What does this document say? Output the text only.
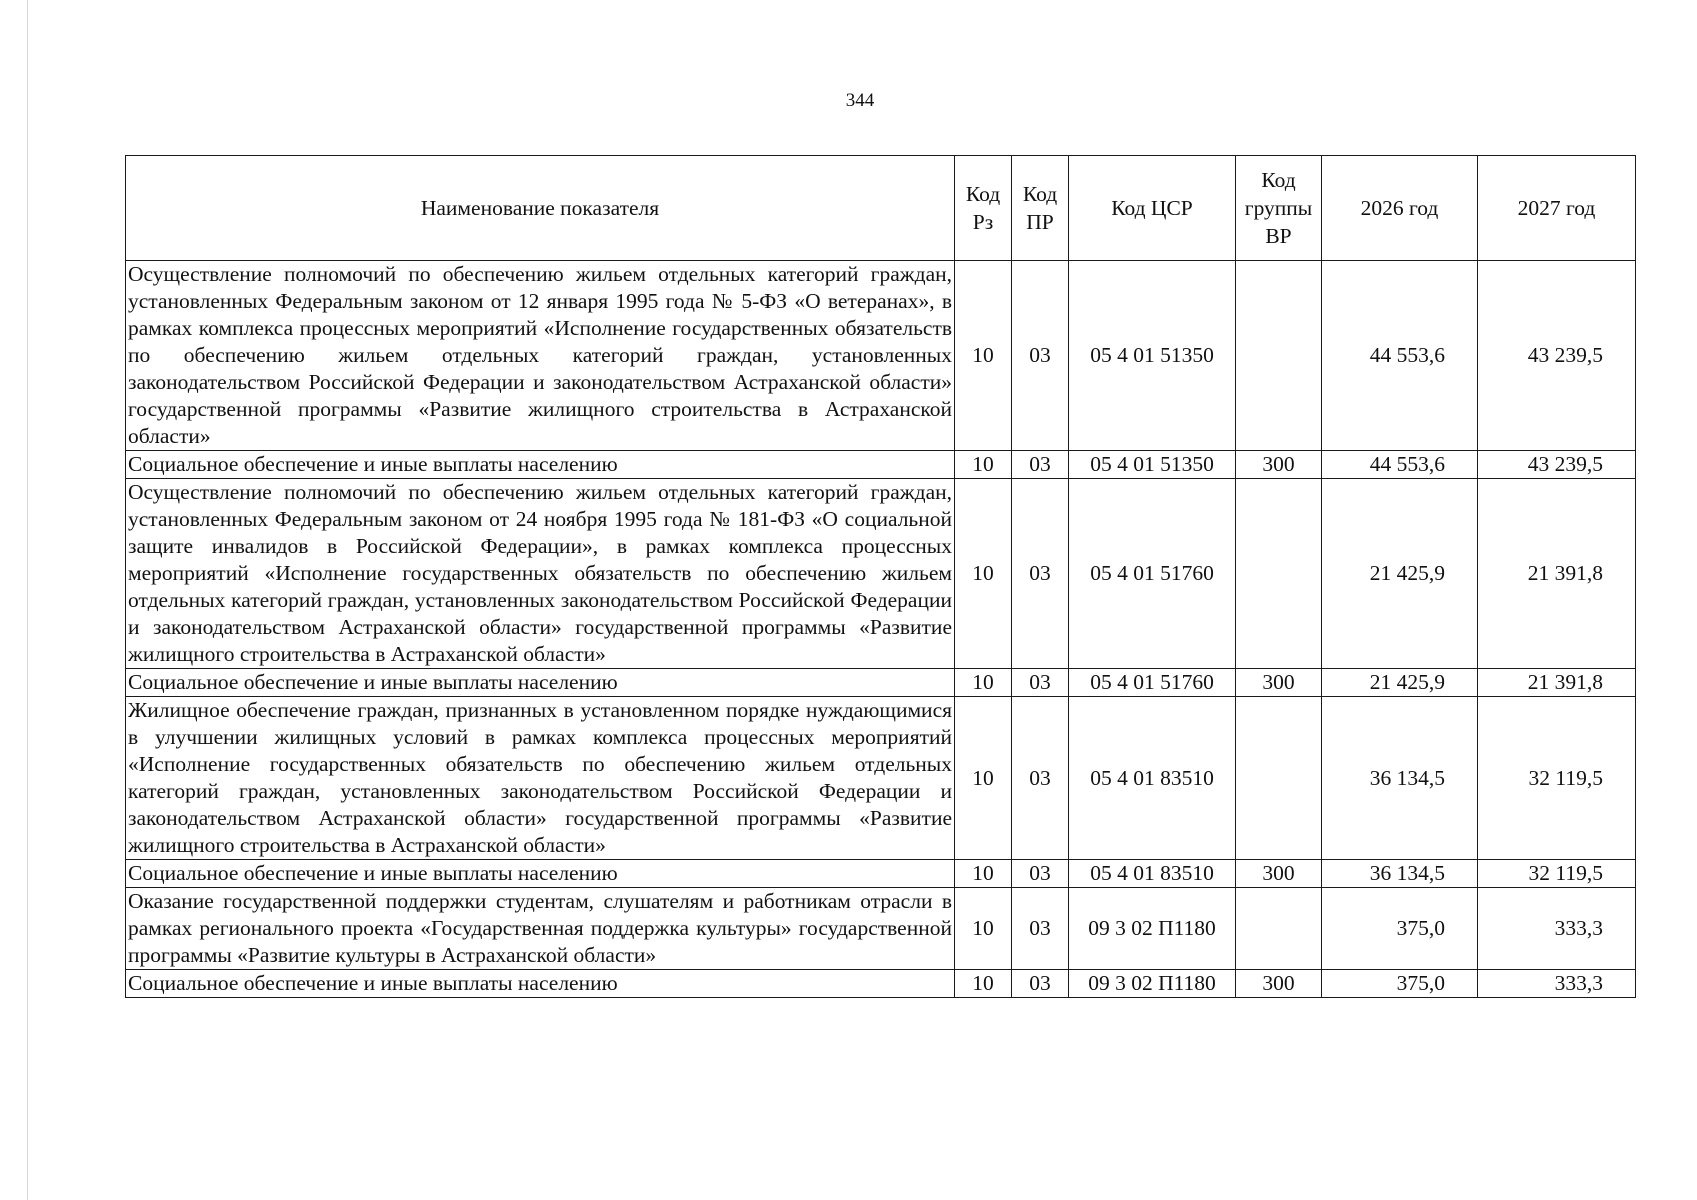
344
Наименование показателя	Код Рз	Код ПР	Код ЦСР	Код группы ВР	2026 год	2027 год
Осуществление полномочий по обеспечению жильем отдельных категорий граждан, установленных Федеральным законом от 12 января 1995 года № 5-ФЗ «О ветеранах», в рамках комплекса процессных мероприятий «Исполнение государственных обязательств по обеспечению жильем отдельных категорий граждан, установленных законодательством Российской Федерации и законодательством Астраханской области» государственной программы «Развитие жилищного строительства в Астраханской области»	10	03	05 4 01 51350		44 553,6	43 239,5
Социальное обеспечение и иные выплаты населению	10	03	05 4 01 51350	300	44 553,6	43 239,5
Осуществление полномочий по обеспечению жильем отдельных категорий граждан, установленных Федеральным законом от 24 ноября 1995 года № 181-ФЗ «О социальной защите инвалидов в Российской Федерации», в рамках комплекса процессных мероприятий «Исполнение государственных обязательств по обеспечению жильем отдельных категорий граждан, установленных законодательством Российской Федерации и законодательством Астраханской области» государственной программы «Развитие жилищного строительства в Астраханской области»	10	03	05 4 01 51760		21 425,9	21 391,8
Социальное обеспечение и иные выплаты населению	10	03	05 4 01 51760	300	21 425,9	21 391,8
Жилищное обеспечение граждан, признанных в установленном порядке нуждающимися в улучшении жилищных условий в рамках комплекса процессных мероприятий «Исполнение государственных обязательств по обеспечению жильем отдельных категорий граждан, установленных законодательством Российской Федерации и законодательством Астраханской области» государственной программы «Развитие жилищного строительства в Астраханской области»	10	03	05 4 01 83510		36 134,5	32 119,5
Социальное обеспечение и иные выплаты населению	10	03	05 4 01 83510	300	36 134,5	32 119,5
Оказание государственной поддержки студентам, слушателям и работникам отрасли в рамках регионального проекта «Государственная поддержка культуры» государственной программы «Развитие культуры в Астраханской области»	10	03	09 3 02 П1180		375,0	333,3
Социальное обеспечение и иные выплаты населению	10	03	09 3 02 П1180	300	375,0	333,3
